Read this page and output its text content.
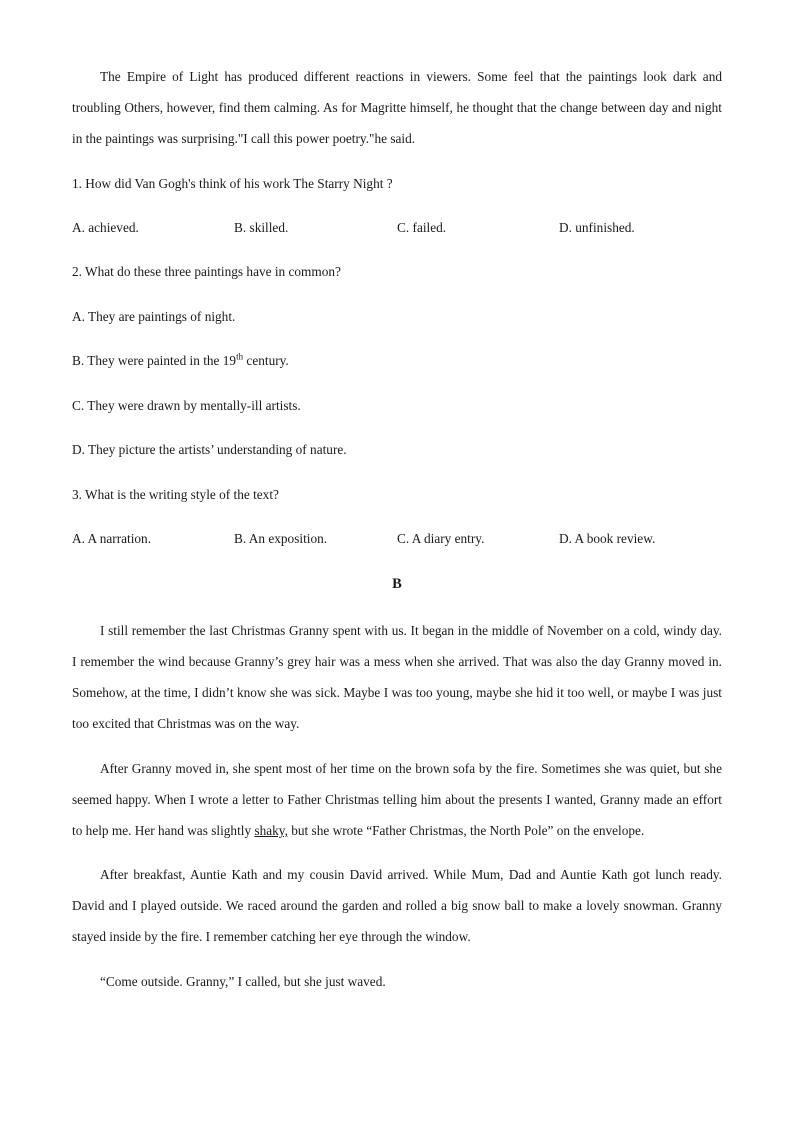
The Empire of Light has produced different reactions in viewers. Some feel that the paintings look dark and troubling Others, however, find them calming. As for Magritte himself, he thought that the change between day and night in the paintings was surprising."I call this power poetry."he said.

1. How did Van Gogh's think of his work The Starry Night ?

A. achieved.	B. skilled.	C. failed.	D. unfinished.

2. What do these three paintings have in common?

A. They are paintings of night.

B. They were painted in the 19th century.

C. They were drawn by mentally-ill artists.

D. They picture the artists’ understanding of nature.

3. What is the writing style of the text?

A. A narration.	B. An exposition.	C. A diary entry.	D. A book review.

B

I still remember the last Christmas Granny spent with us. It began in the middle of November on a cold, windy day. I remember the wind because Granny’s grey hair was a mess when she arrived. That was also the day Granny moved in. Somehow, at the time, I didn’t know she was sick. Maybe I was too young, maybe she hid it too well, or maybe I was just too excited that Christmas was on the way.

After Granny moved in, she spent most of her time on the brown sofa by the fire. Sometimes she was quiet, but she seemed happy. When I wrote a letter to Father Christmas telling him about the presents I wanted, Granny made an effort to help me. Her hand was slightly shaky, but she wrote “Father Christmas, the North Pole” on the envelope.

After breakfast, Auntie Kath and my cousin David arrived. While Mum, Dad and Auntie Kath got lunch ready. David and I played outside. We raced around the garden and rolled a big snow ball to make a lovely snowman. Granny stayed inside by the fire. I remember catching her eye through the window.

“Come outside. Granny,” I called, but she just waved.
